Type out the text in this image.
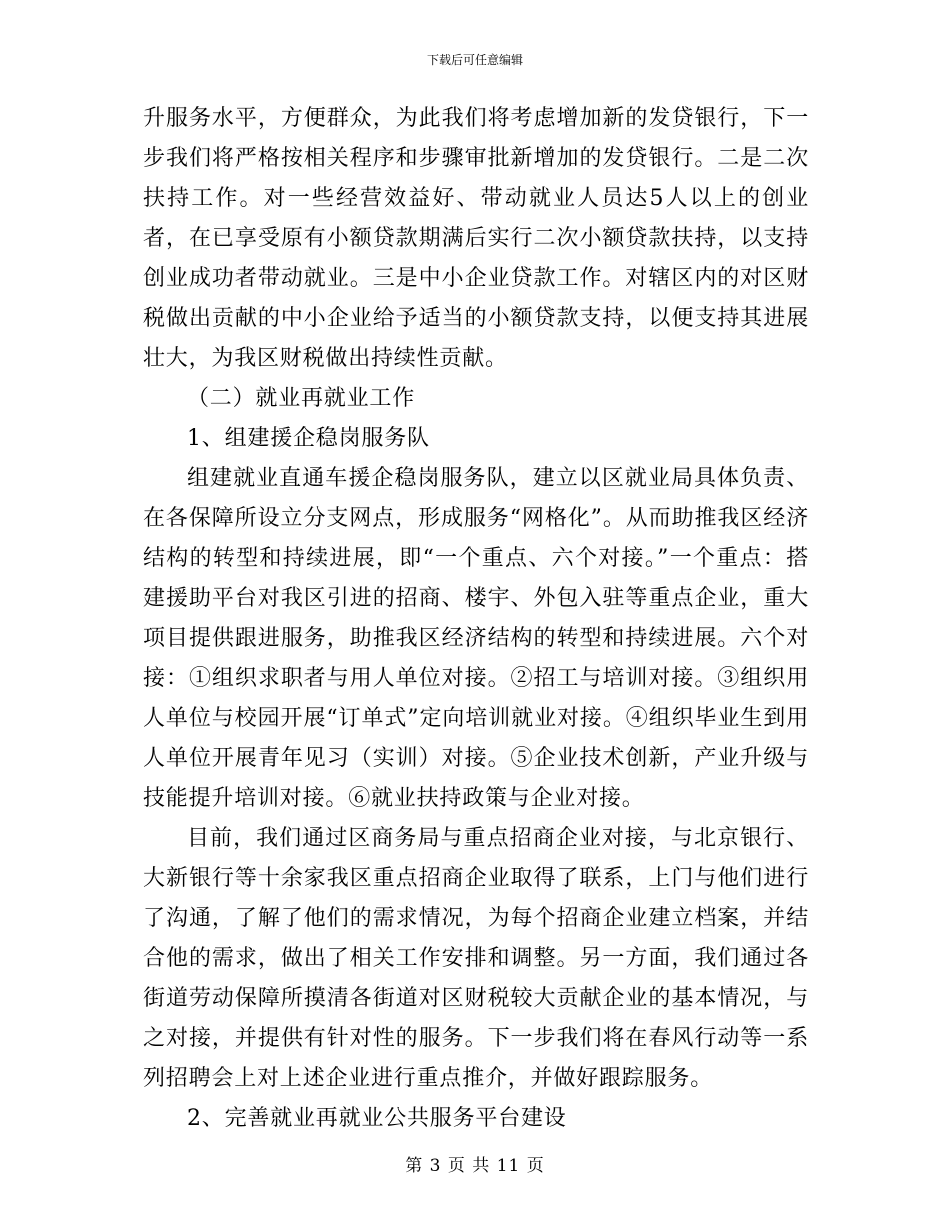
下载后可任意编辑

升服务水平，方便群众，为此我们将考虑增加新的发贷银行，下一步我们将严格按相关程序和步骤审批新增加的发贷银行。二是二次扶持工作。对一些经营效益好、带动就业人员达5人以上的创业者，在已享受原有小额贷款期满后实行二次小额贷款扶持，以支持创业成功者带动就业。三是中小企业贷款工作。对辖区内的对区财税做出贡献的中小企业给予适当的小额贷款支持，以便支持其进展壮大，为我区财税做出持续性贡献。

（二）就业再就业工作

1、组建援企稳岗服务队

组建就业直通车援企稳岗服务队，建立以区就业局具体负责、在各保障所设立分支网点，形成服务“网格化”。从而助推我区经济结构的转型和持续进展，即“一个重点、六个对接。”一个重点：搭建援助平台对我区引进的招商、楼宇、外包入驻等重点企业，重大项目提供跟进服务，助推我区经济结构的转型和持续进展。六个对接：①组织求职者与用人单位对接。②招工与培训对接。③组织用人单位与校园开展“订单式”定向培训就业对接。④组织毕业生到用人单位开展青年见习（实训）对接。⑤企业技术创新，产业升级与技能提升培训对接。⑥就业扶持政策与企业对接。

目前，我们通过区商务局与重点招商企业对接，与北京银行、大新银行等十余家我区重点招商企业取得了联系，上门与他们进行了沟通，了解了他们的需求情况，为每个招商企业建立档案，并结合他的需求，做出了相关工作安排和调整。另一方面，我们通过各街道劳动保障所摸清各街道对区财税较大贡献企业的基本情况，与之对接，并提供有针对性的服务。下一步我们将在春风行动等一系列招聘会上对上述企业进行重点推介，并做好跟踪服务。

2、完善就业再就业公共服务平台建设

第 3 页 共 11 页
